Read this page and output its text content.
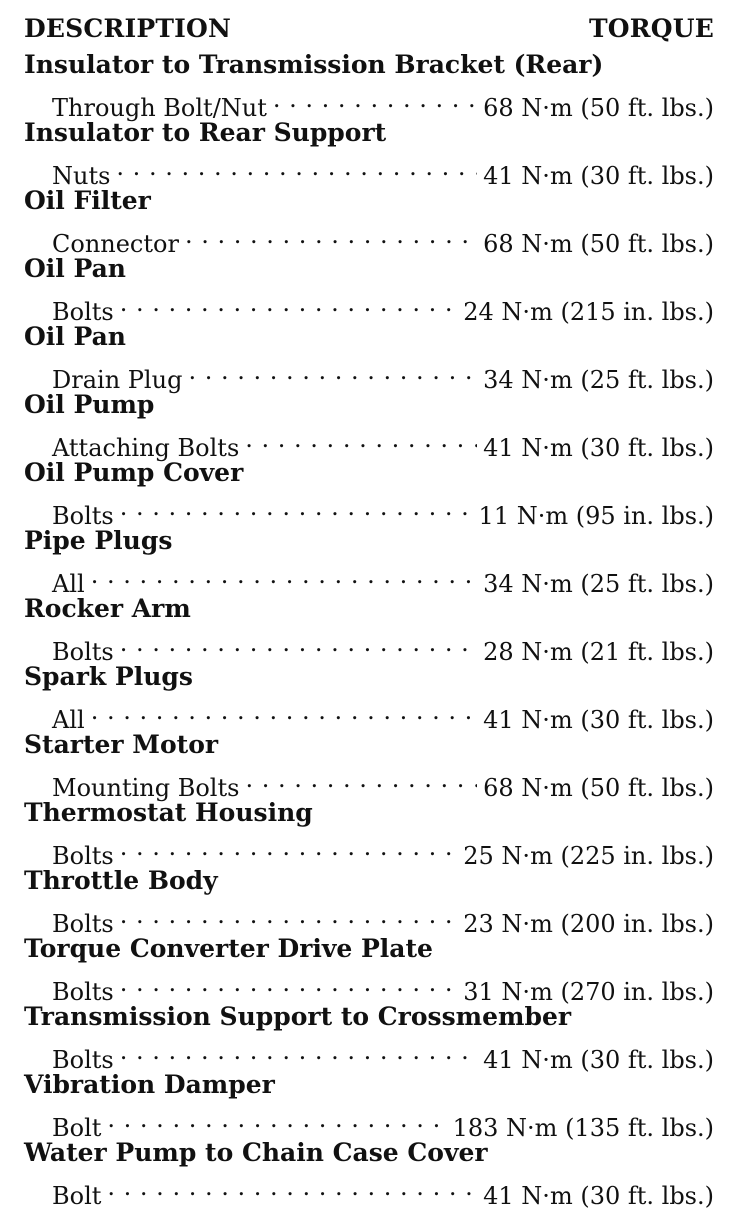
DESCRIPTION	TORQUE
Insulator to Transmission Bracket (Rear)
Through Bolt/Nut . . .	68 N·m (50 ft. lbs.)
Insulator to Rear Support
Nuts . . .	41 N·m (30 ft. lbs.)
Oil Filter
Connector . . .	68 N·m (50 ft. lbs.)
Oil Pan
Bolts . . .	24 N·m (215 in. lbs.)
Oil Pan
Drain Plug . . .	34 N·m (25 ft. lbs.)
Oil Pump
Attaching Bolts . . .	41 N·m (30 ft. lbs.)
Oil Pump Cover
Bolts . . .	11 N·m (95 in. lbs.)
Pipe Plugs
All . . .	34 N·m (25 ft. lbs.)
Rocker Arm
Bolts . . .	28 N·m (21 ft. lbs.)
Spark Plugs
All . . .	41 N·m (30 ft. lbs.)
Starter Motor
Mounting Bolts . . .	68 N·m (50 ft. lbs.)
Thermostat Housing
Bolts . . .	25 N·m (225 in. lbs.)
Throttle Body
Bolts . . .	23 N·m (200 in. lbs.)
Torque Converter Drive Plate
Bolts . . .	31 N·m (270 in. lbs.)
Transmission Support to Crossmember
Bolts . . .	41 N·m (30 ft. lbs.)
Vibration Damper
Bolt . . .	183 N·m (135 ft. lbs.)
Water Pump to Chain Case Cover
Bolt . . .	41 N·m (30 ft. lbs.)
